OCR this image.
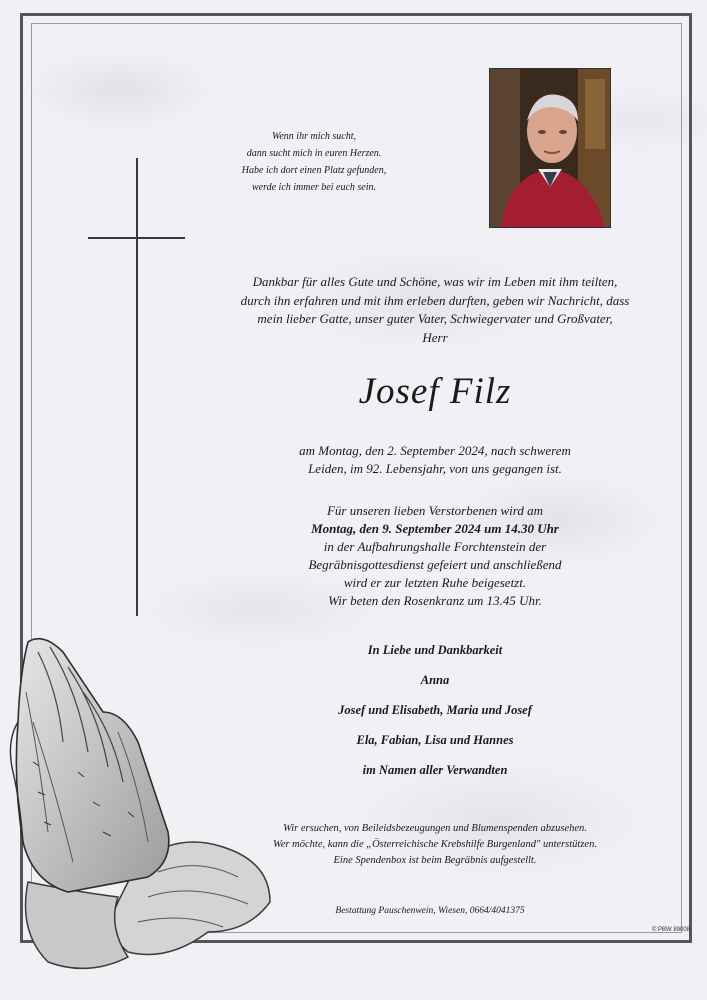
Wenn ihr mich sucht,
dann sucht mich in euren Herzen.
Habe ich dort einen Platz gefunden,
werde ich immer bei euch sein.
Dankbar für alles Gute und Schöne, was wir im Leben mit ihm teilten,
durch ihn erfahren und mit ihm erleben durften, geben wir Nachricht, dass
mein lieber Gatte, unser guter Vater, Schwiegervater und Großvater,
Herr
Josef Filz
am Montag, den 2. September 2024, nach schwerem
Leiden, im 92. Lebensjahr, von uns gegangen ist.
Für unseren lieben Verstorbenen wird am
Montag, den 9. September 2024 um 14.30 Uhr
in der Aufbahrungshalle Forchtenstein der
Begräbnisgottesdienst gefeiert und anschließend
wird er zur letzten Ruhe beigesetzt.
Wir beten den Rosenkranz um 13.45 Uhr.
In Liebe und Dankbarkeit
Anna
Josef und Elisabeth, Maria und Josef
Ela, Fabian, Lisa und Hannes
im Namen aller Verwandten
Wir ersuchen, von Beileidsbezeugungen und Blumenspenden abzusehen.
Wer möchte, kann die „Österreichische Krebshilfe Burgenland" unterstützen.
Eine Spendenbox ist beim Begräbnis aufgestellt.
Bestattung Pauschenwein, Wiesen, 0664/4041375
© PBW 89008
